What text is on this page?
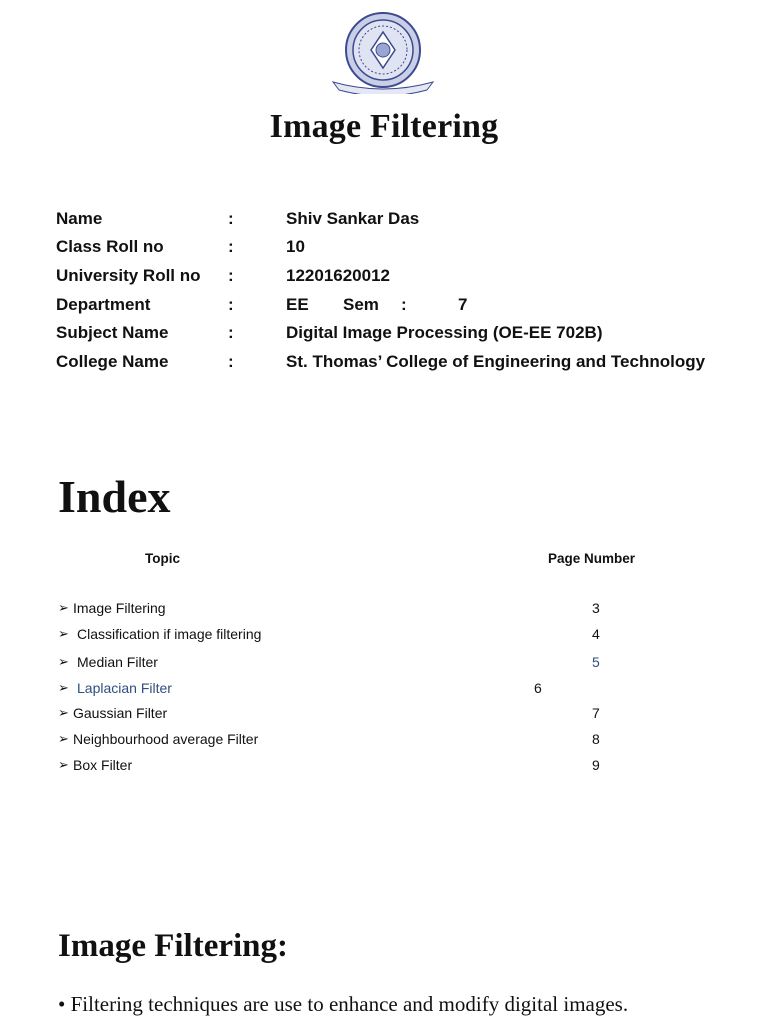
Image Filtering
Name	:	Shiv Sankar Das
Class Roll no	:	10
University Roll no :	12201620012
Department	:	EE Sem :	7
Subject Name	:	Digital Image Processing (OE-EE 702B)
College Name	:	St. Thomas’ College of Engineering and Technology
Index
Topic	Page Number
➢ Image Filtering	3
➢ Classification if image filtering	4
➢ Median Filter	5
➢ Laplacian Filter	6
➢ Gaussian Filter	7
➢ Neighbourhood average Filter	8
➢ Box Filter	9
Image Filtering:
• Filtering techniques are use to enhance and modify digital images.
